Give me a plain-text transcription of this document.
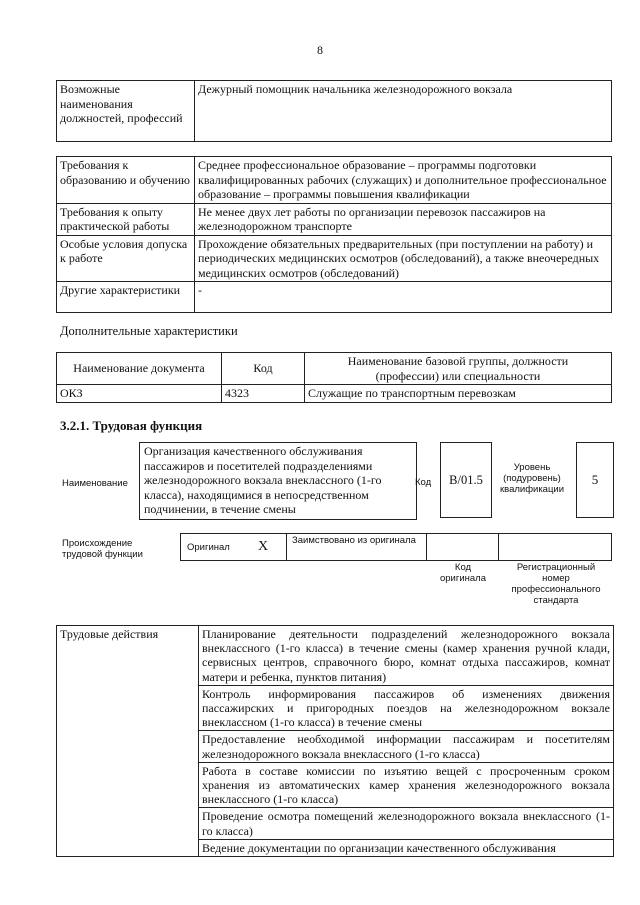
8
Возможные наименования должностей, профессий	Дежурный помощник начальника железнодорожного вокзала
Требования к образованию и обучению	Среднее профессиональное образование – программы подготовки квалифицированных рабочих (служащих) и дополнительное профессиональное образование – программы повышения квалификации
Требования к опыту практической работы	Не менее двух лет работы по организации перевозок пассажиров на железнодорожном транспорте
Особые условия допуска к работе	Прохождение обязательных предварительных (при поступлении на работу) и периодических медицинских осмотров (обследований), а также внеочередных медицинских осмотров (обследований)
Другие характеристики	-
Дополнительные характеристики
Наименование документа	Код	Наименование базовой группы, должности (профессии) или специальности
ОКЗ	4323	Служащие по транспортным перевозкам
3.2.1. Трудовая функция
Наименование
Организация качественного обслуживания пассажиров и посетителей подразделениями железнодорожного вокзала внеклассного (1-го класса), находящимися в непосредственном подчинении, в течение смены
Код	B/01.5
Уровень (подуровень) квалификации
5
Происхождение трудовой функции
Оригинал X	Заимствовано из оригинала
Код оригинала
Регистрационный номер профессионального стандарта
Трудовые действия	Планирование деятельности подразделений железнодорожного вокзала внеклассного (1-го класса) в течение смены (камер хранения ручной клади, сервисных центров, справочного бюро, комнат отдыха пассажиров, комнат матери и ребенка, пунктов питания)
Контроль информирования пассажиров об изменениях движения пассажирских и пригородных поездов на железнодорожном вокзале внеклассном (1-го класса) в течение смены
Предоставление необходимой информации пассажирам и посетителям железнодорожного вокзала внеклассного (1-го класса)
Работа в составе комиссии по изъятию вещей с просроченным сроком хранения из автоматических камер хранения железнодорожного вокзала внеклассного (1-го класса)
Проведение осмотра помещений железнодорожного вокзала внеклассного (1-го класса)
Ведение документации по организации качественного обслуживания
